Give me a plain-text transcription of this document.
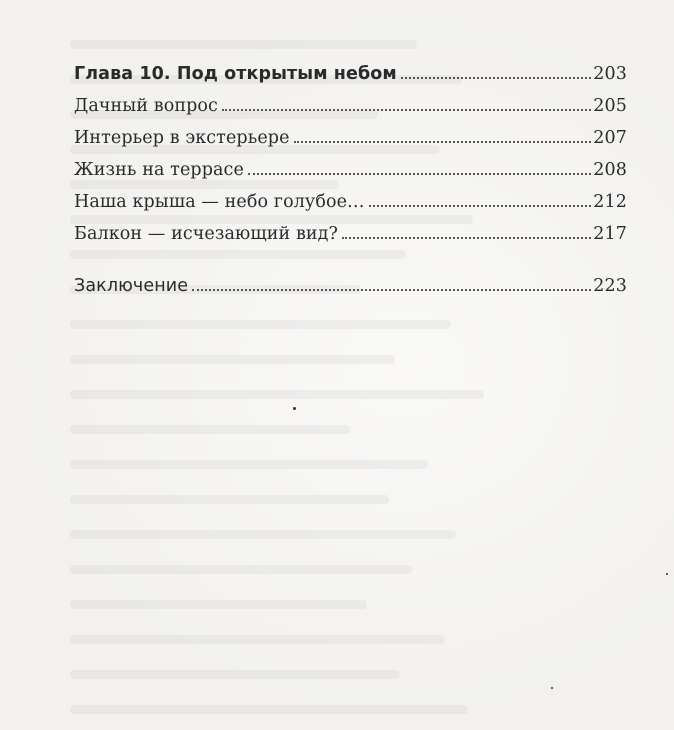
Глава 10. Под открытым небом	203
Дачный вопрос	205
Интерьер в экстерьере	207
Жизнь на террасе	208
Наша крыша — небо голубое…	212
Балкон — исчезающий вид?	217
Заключение	223
